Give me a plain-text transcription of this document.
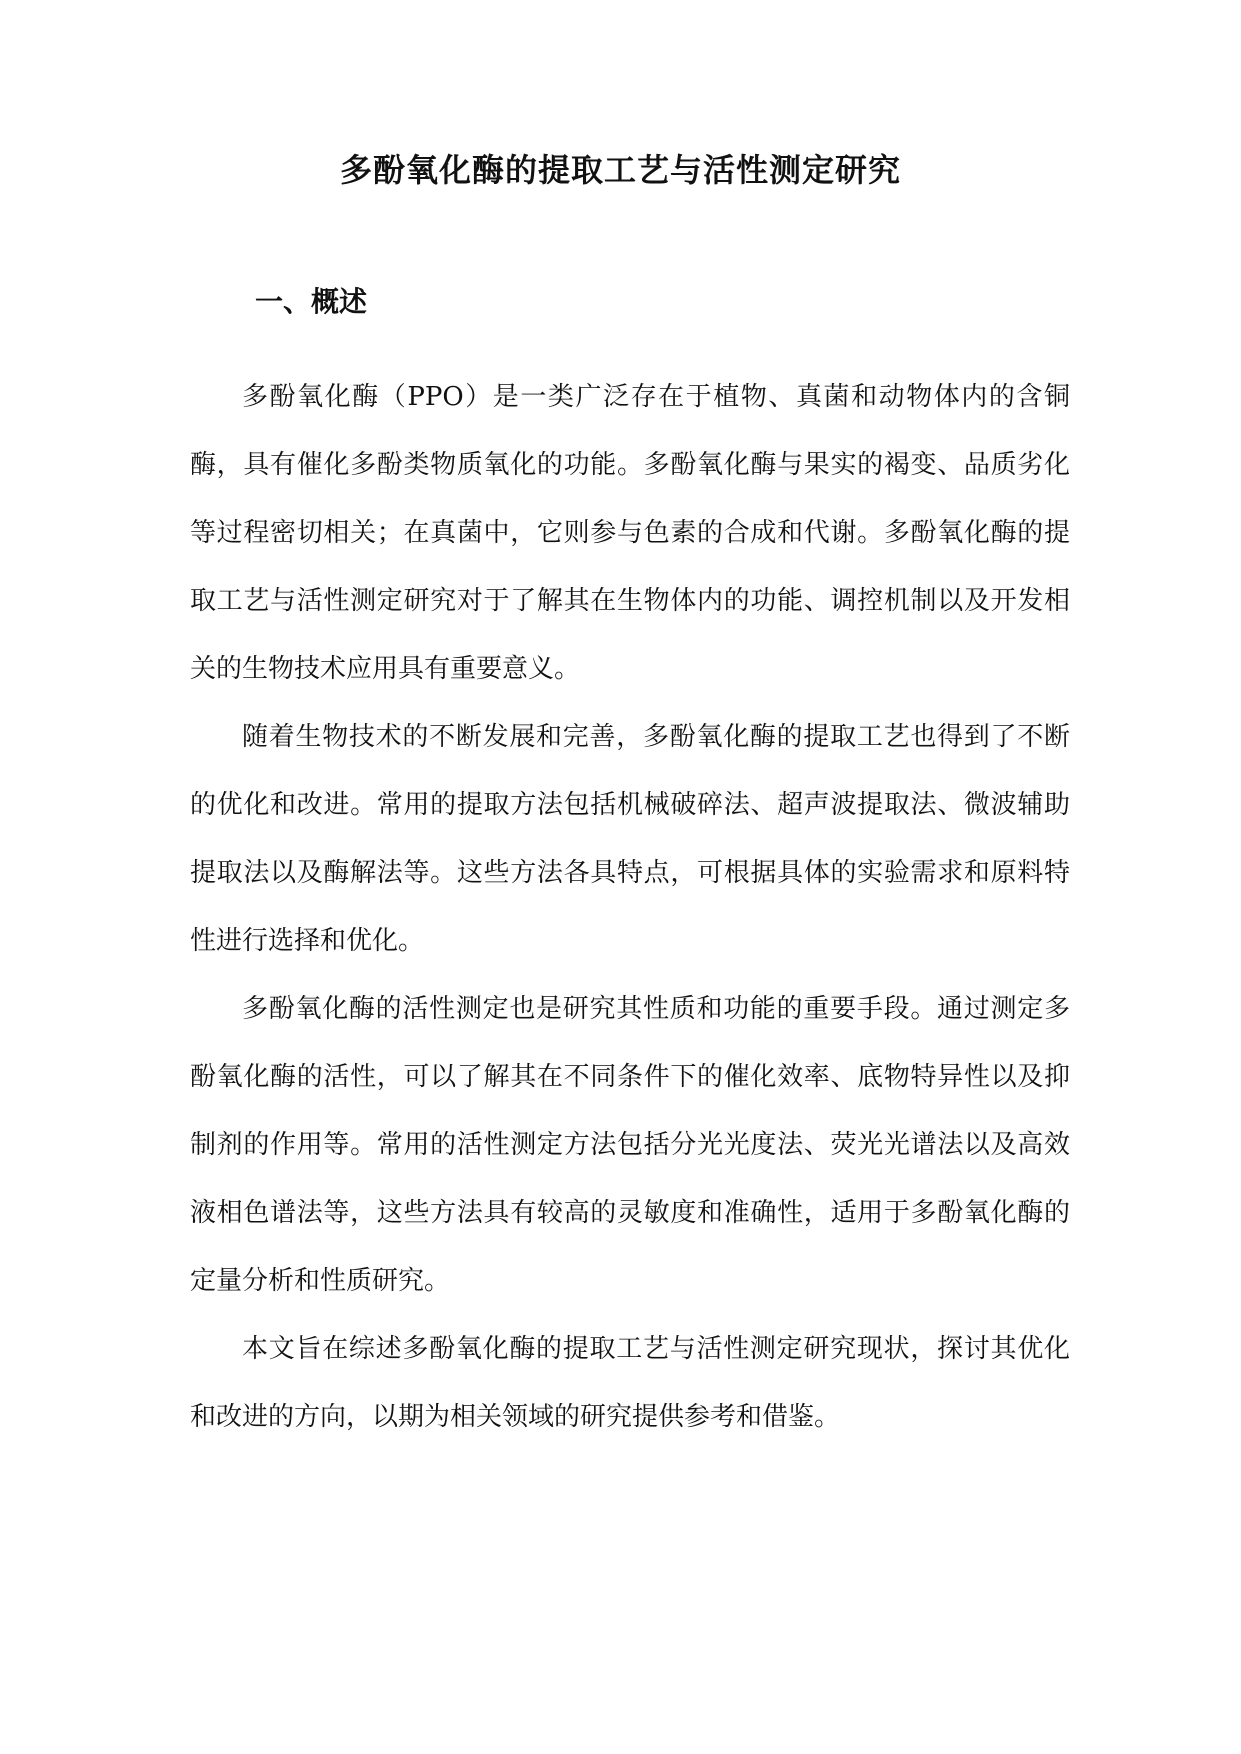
多酚氧化酶的提取工艺与活性测定研究
一、概述

多酚氧化酶（PPO）是一类广泛存在于植物、真菌和动物体内的含铜酶，具有催化多酚类物质氧化的功能。多酚氧化酶与果实的褐变、品质劣化等过程密切相关；在真菌中，它则参与色素的合成和代谢。多酚氧化酶的提取工艺与活性测定研究对于了解其在生物体内的功能、调控机制以及开发相关的生物技术应用具有重要意义。

随着生物技术的不断发展和完善，多酚氧化酶的提取工艺也得到了不断的优化和改进。常用的提取方法包括机械破碎法、超声波提取法、微波辅助提取法以及酶解法等。这些方法各具特点，可根据具体的实验需求和原料特性进行选择和优化。

多酚氧化酶的活性测定也是研究其性质和功能的重要手段。通过测定多酚氧化酶的活性，可以了解其在不同条件下的催化效率、底物特异性以及抑制剂的作用等。常用的活性测定方法包括分光光度法、荧光光谱法以及高效液相色谱法等，这些方法具有较高的灵敏度和准确性，适用于多酚氧化酶的定量分析和性质研究。

本文旨在综述多酚氧化酶的提取工艺与活性测定研究现状，探讨其优化和改进的方向，以期为相关领域的研究提供参考和借鉴。
